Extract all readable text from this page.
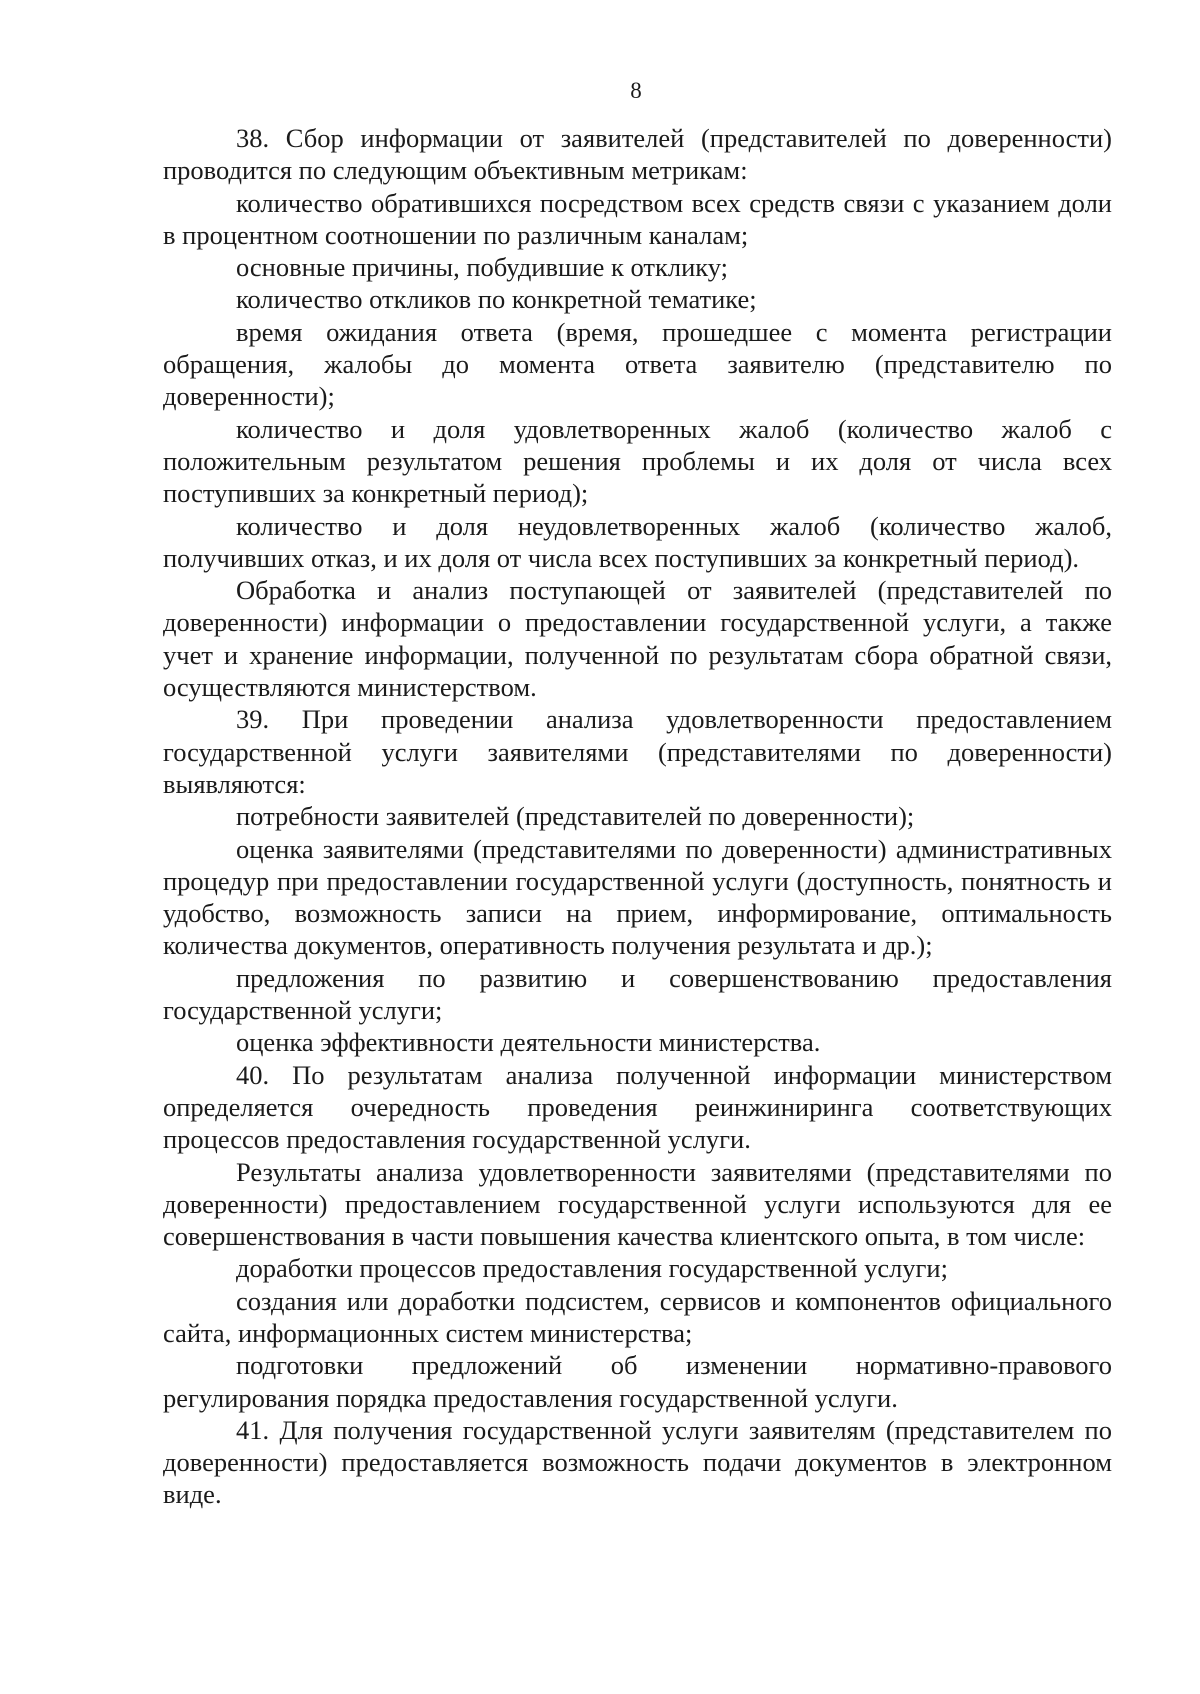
8

38. Сбор информации от заявителей (представителей по доверенности) проводится по следующим объективным метрикам:

количество обратившихся посредством всех средств связи с указанием доли в процентном соотношении по различным каналам;

основные причины, побудившие к отклику;

количество откликов по конкретной тематике;

время ожидания ответа (время, прошедшее с момента регистрации обращения, жалобы до момента ответа заявителю (представителю по доверенности);

количество и доля удовлетворенных жалоб (количество жалоб с положительным результатом решения проблемы и их доля от числа всех поступивших за конкретный период);

количество и доля неудовлетворенных жалоб (количество жалоб, получивших отказ, и их доля от числа всех поступивших за конкретный период).

Обработка и анализ поступающей от заявителей (представителей по доверенности) информации о предоставлении государственной услуги, а также учет и хранение информации, полученной по результатам сбора обратной связи, осуществляются министерством.

39. При проведении анализа удовлетворенности предоставлением государственной услуги заявителями (представителями по доверенности) выявляются:

потребности заявителей (представителей по доверенности);

оценка заявителями (представителями по доверенности) административных процедур при предоставлении государственной услуги (доступность, понятность и удобство, возможность записи на прием, информирование, оптимальность количества документов, оперативность получения результата и др.);

предложения по развитию и совершенствованию предоставления государственной услуги;

оценка эффективности деятельности министерства.

40. По результатам анализа полученной информации министерством определяется очередность проведения реинжиниринга соответствующих процессов предоставления государственной услуги.

Результаты анализа удовлетворенности заявителями (представителями по доверенности) предоставлением государственной услуги используются для ее совершенствования в части повышения качества клиентского опыта, в том числе:

доработки процессов предоставления государственной услуги;

создания или доработки подсистем, сервисов и компонентов официального сайта, информационных систем министерства;

подготовки предложений об изменении нормативно-правового регулирования порядка предоставления государственной услуги.

41. Для получения государственной услуги заявителям (представителем по доверенности) предоставляется возможность подачи документов в электронном виде.
